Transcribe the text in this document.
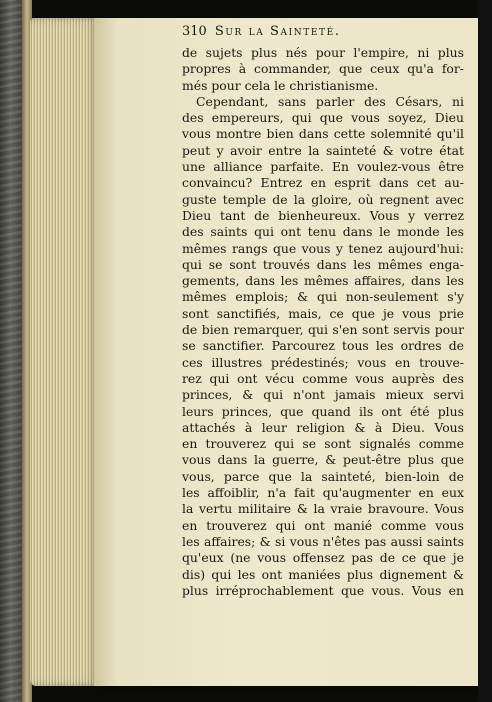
310 Sur la Sainteté.
de sujets plus nés pour l'empire, ni plus
propres à commander, que ceux qu'a for-
més pour cela le christianisme.
Cependant, sans parler des Césars, ni
des empereurs, qui que vous soyez, Dieu
vous montre bien dans cette solemnité qu'il
peut y avoir entre la sainteté & votre état
une alliance parfaite. En voulez-vous être
convaincu? Entrez en esprit dans cet au-
guste temple de la gloire, où regnent avec
Dieu tant de bienheureux. Vous y verrez
des saints qui ont tenu dans le monde les
mêmes rangs que vous y tenez aujourd'hui:
qui se sont trouvés dans les mêmes enga-
gements, dans les mêmes affaires, dans les
mêmes emplois; & qui non-seulement s'y
sont sanctifiés, mais, ce que je vous prie
de bien remarquer, qui s'en sont servis pour
se sanctifier. Parcourez tous les ordres de
ces illustres prédestinés; vous en trouve-
rez qui ont vécu comme vous auprès des
princes, & qui n'ont jamais mieux servi
leurs princes, que quand ils ont été plus
attachés à leur religion & à Dieu. Vous
en trouverez qui se sont signalés comme
vous dans la guerre, & peut-être plus que
vous, parce que la sainteté, bien-loin de
les affoiblir, n'a fait qu'augmenter en eux
la vertu militaire & la vraie bravoure. Vous
en trouverez qui ont manié comme vous
les affaires; & si vous n'êtes pas aussi saints
qu'eux (ne vous offensez pas de ce que je
dis) qui les ont maniées plus dignement &
plus irréprochablement que vous. Vous en
